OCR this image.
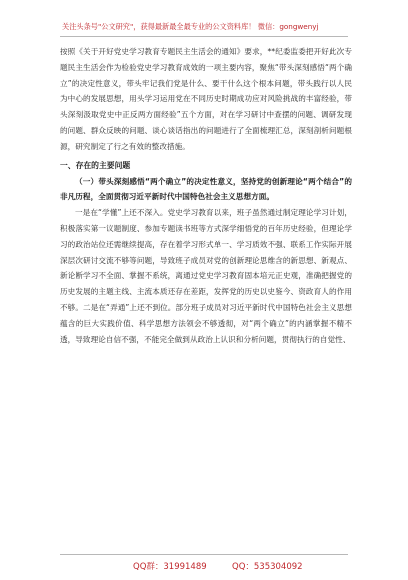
关注头条号"公文研究"，获得最新最全最专业的公文资料库！ 微信：gongwenyj

按照《关于开好党史学习教育专题民主生活会的通知》要求，**纪委监委把开好此次专题民主生活会作为检验党史学习教育成效的一项主要内容，聚焦“带头深刻感悟“两个确立”的决定性意义，带头牢记我们党是什么、要干什么这个根本问题，带头践行以人民为中心的发展思想，用头学习运用党在不同历史时期成功应对风险挑战的丰富经验，带头深刻汲取党史中正反两方面经验”五个方面，对在学习研讨中查摆的问题、调研发现的问题、群众反映的问题、谈心谈话指出的问题进行了全面梳理汇总，深刻剖析问题根源，研究制定了行之有效的整改措施。

一、存在的主要问题

（一）带头深刻感悟“两个确立”的决定性意义，坚持党的创新理论“两个结合”的非凡历程，全面贯彻习近平新时代中国特色社会主义思想方面。

一是在“学懂”上还不深入。党史学习教育以来，班子虽然通过制定理论学习计划，积极落实第一议题制度、参加专题读书班等方式深学细悟党的百年历史经验，但理论学习的政治站位还需继续提高，存在着学习形式单一、学习质效不强、联系工作实际开展深层次研讨交流不够等问题，导致班子成员对党的创新理论思维含的新思想、新观点、新论断学习不全面、掌握不系统，离通过党史学习教育固本培元正史观，准确把握党的历史发展的主题主线、主流本质还存在差距，发挥党的历史以史鉴今、资政育人的作用不够。二是在“弄通”上还不到位。部分班子成员对习近平新时代中国特色社会主义思想蕴含的巨大实践价值、科学思想方法领会不够透彻，对“两个确立”的内涵掌握不精不透，导致理论自信不强，不能完全做到从政治上认识和分析问题，贯彻执行的自觉性、

QQ群：31991489	QQ：535304092
